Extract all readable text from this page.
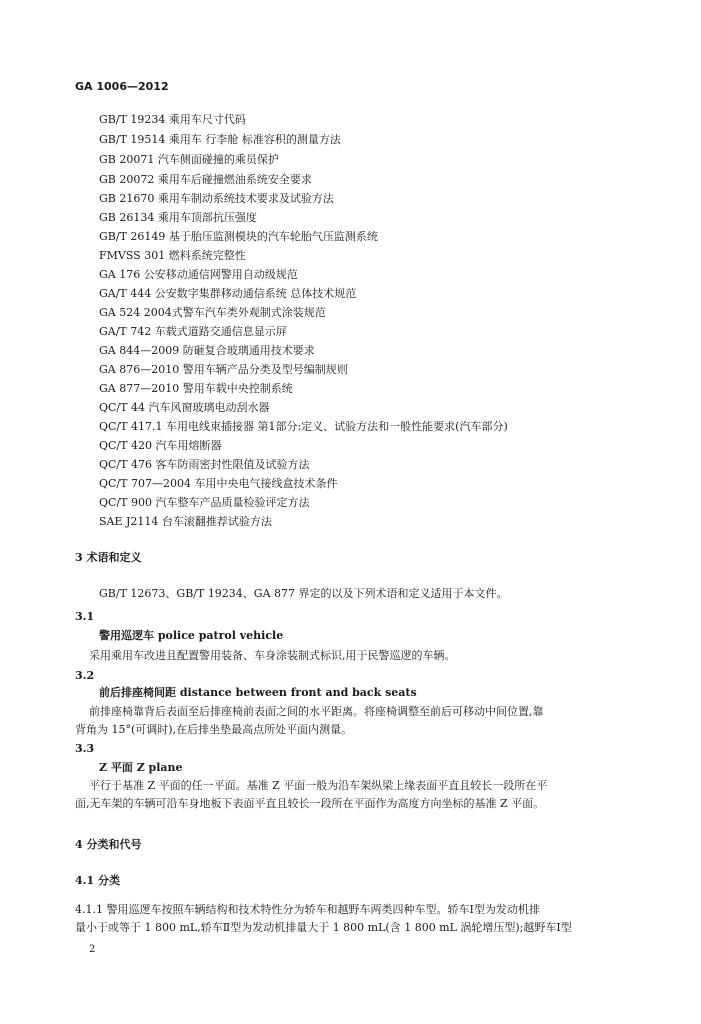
GA 1006—2012
GB/T 19234 乘用车尺寸代码
GB/T 19514 乘用车 行李舱 标准容积的测量方法
GB 20071 汽车侧面碰撞的乘员保护
GB 20072 乘用车后碰撞燃油系统安全要求
GB 21670 乘用车制动系统技术要求及试验方法
GB 26134 乘用车顶部抗压强度
GB/T 26149 基于胎压监测模块的汽车轮胎气压监测系统
FMVSS 301 燃料系统完整性
GA 176 公安移动通信网警用自动级规范
GA/T 444 公安数字集群移动通信系统 总体技术规范
GA 524 2004式警车汽车类外观制式涂装规范
GA/T 742 车载式道路交通信息显示屏
GA 844—2009 防砸复合玻璃通用技术要求
GA 876—2010 警用车辆产品分类及型号编制规则
GA 877—2010 警用车载中央控制系统
QC/T 44 汽车风窗玻璃电动刮水器
QC/T 417.1 车用电线束插接器 第1部分:定义、试验方法和一般性能要求(汽车部分)
QC/T 420 汽车用熔断器
QC/T 476 客车防雨密封性限值及试验方法
QC/T 707—2004 车用中央电气接线盒技术条件
QC/T 900 汽车整车产品质量检验评定方法
SAE J2114 台车滚翻推荐试验方法
3 术语和定义
GB/T 12673、GB/T 19234、GA 877 界定的以及下列术语和定义适用于本文件。
3.1
警用巡逻车 police patrol vehicle
采用乘用车改进且配置警用装备、车身涂装制式标识,用于民警巡逻的车辆。
3.2
前后排座椅间距 distance between front and back seats
前排座椅靠背后表面至后排座椅前表面之间的水平距离。将座椅调整至前后可移动中间位置,靠
背角为 15°(可调时),在后排坐垫最高点所处平面内测量。
3.3
Z 平面 Z plane
平行于基准 Z 平面的任一平面。基准 Z 平面一般为沿车架纵梁上缘表面平直且较长一段所在平
面,无车架的车辆可沿车身地板下表面平直且较长一段所在平面作为高度方向坐标的基准 Z 平面。
4 分类和代号
4.1 分类
4.1.1 警用巡逻车按照车辆结构和技术特性分为轿车和越野车两类四种车型。轿车Ⅰ型为发动机排
量小于或等于 1 800 mL,轿车Ⅱ型为发动机排量大于 1 800 mL(含 1 800 mL 涡轮增压型);越野车Ⅰ型
2
